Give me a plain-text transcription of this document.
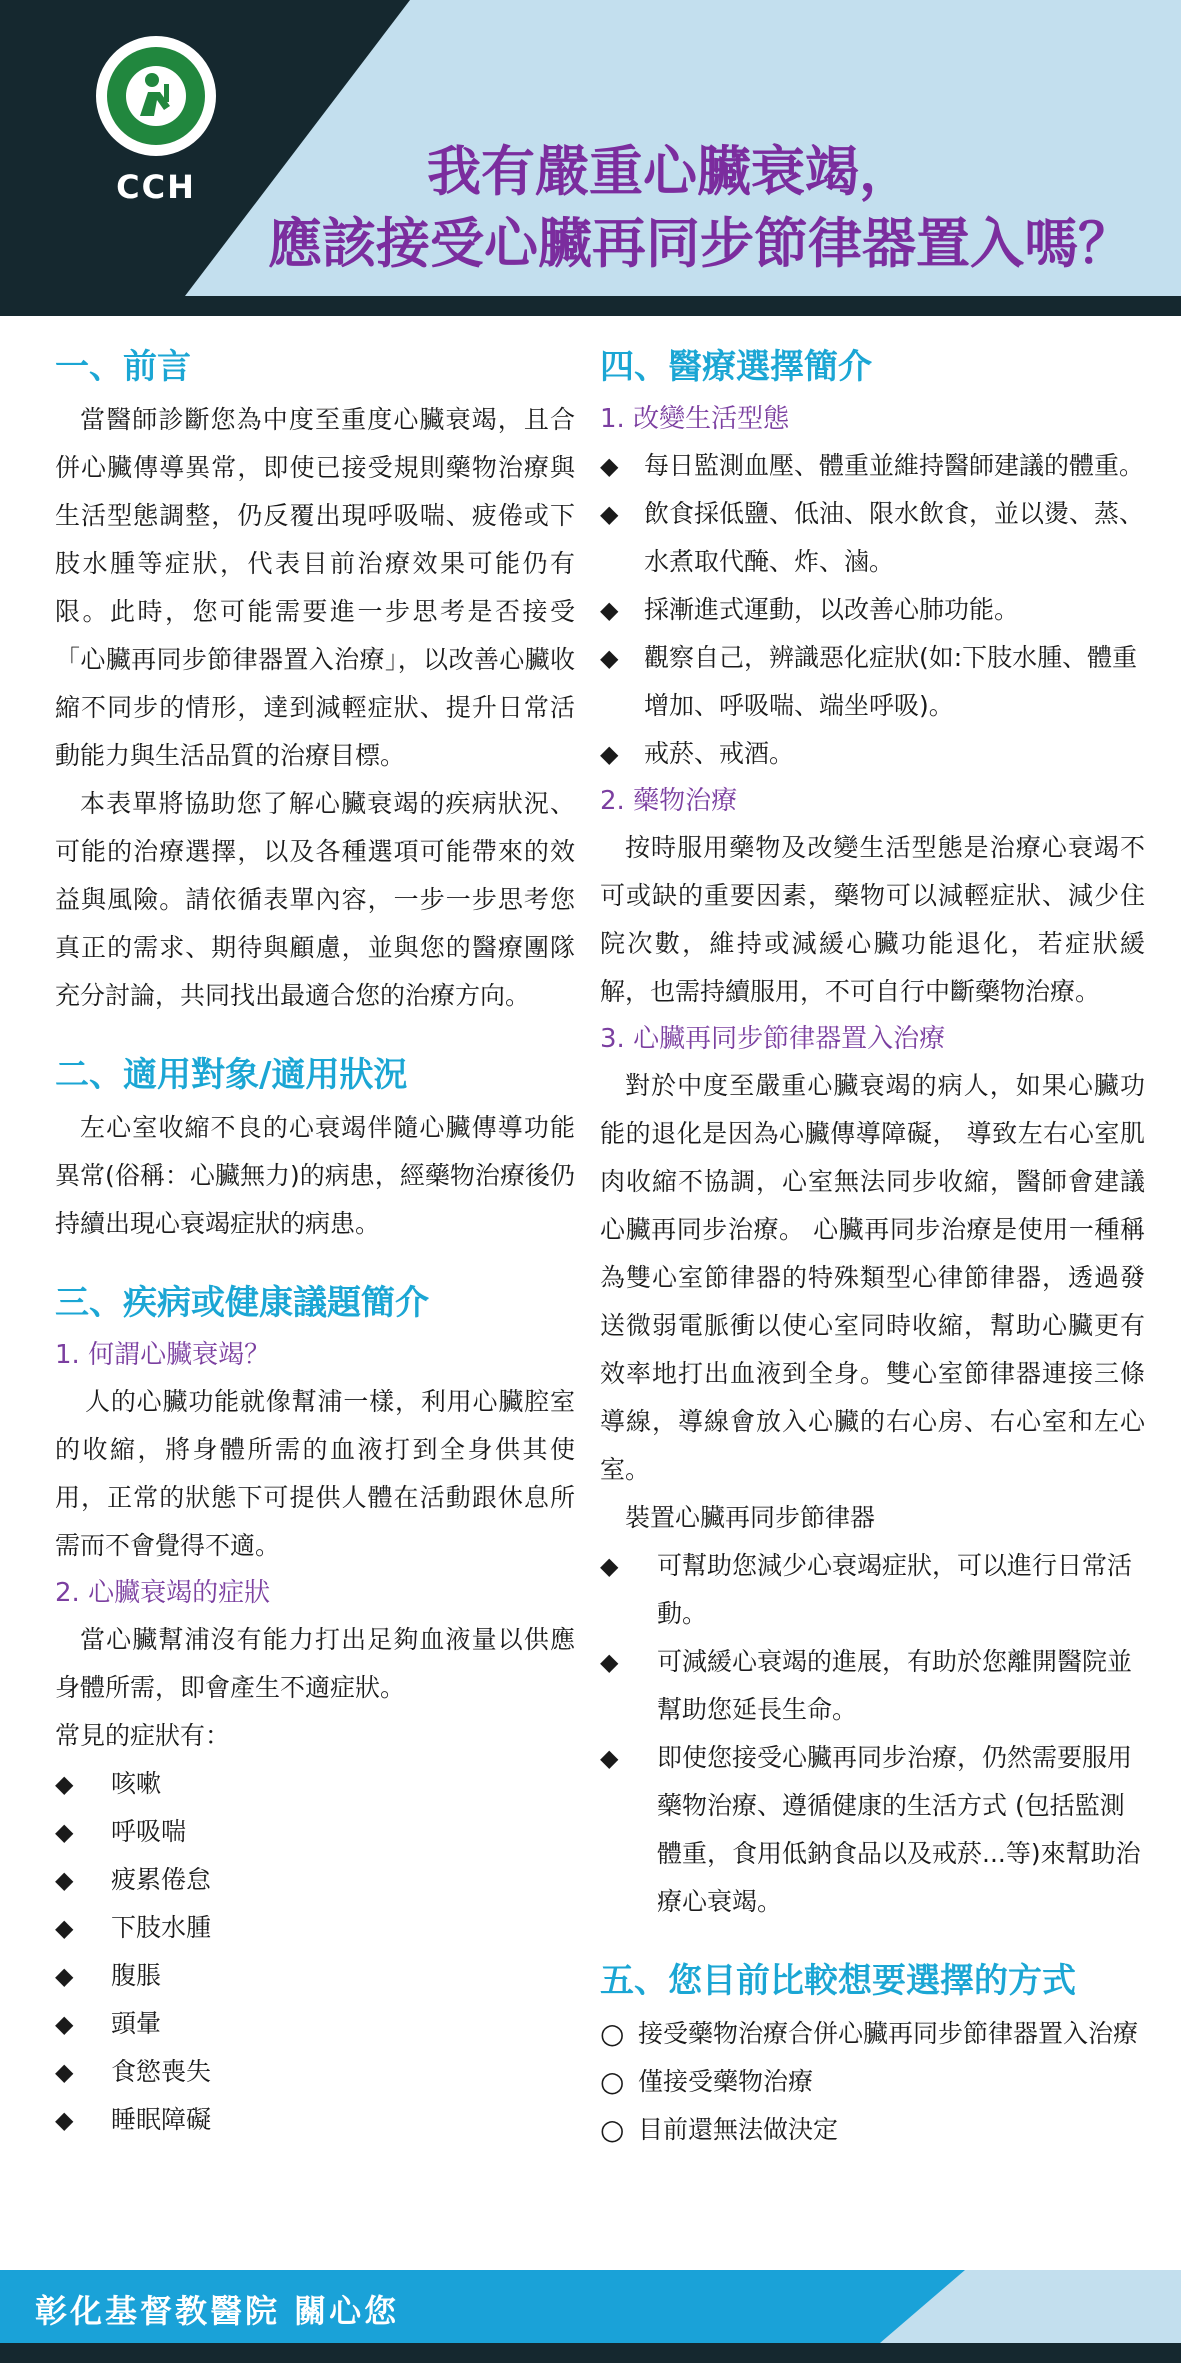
CCH	我有嚴重心臟衰竭，
應該接受心臟再同步節律器置入嗎？
一、前言

當醫師診斷您為中度至重度心臟衰竭，且合併心臟傳導異常，即使已接受規則藥物治療與生活型態調整，仍反覆出現呼吸喘、疲倦或下肢水腫等症狀，代表目前治療效果可能仍有限。此時，您可能需要進一步思考是否接受「心臟再同步節律器置入治療」，以改善心臟收縮不同步的情形，達到減輕症狀、提升日常活動能力與生活品質的治療目標。

本表單將協助您了解心臟衰竭的疾病狀況、可能的治療選擇，以及各種選項可能帶來的效益與風險。請依循表單內容，一步一步思考您真正的需求、期待與顧慮，並與您的醫療團隊充分討論，共同找出最適合您的治療方向。

二、適用對象/適用狀況

左心室收縮不良的心衰竭伴隨心臟傳導功能異常(俗稱：心臟無力)的病患，經藥物治療後仍持續出現心衰竭症狀的病患。

三、疾病或健康議題簡介
1. 何謂心臟衰竭？

人的心臟功能就像幫浦一樣，利用心臟腔室的收縮，將身體所需的血液打到全身供其使用，正常的狀態下可提供人體在活動跟休息所需而不會覺得不適。

2. 心臟衰竭的症狀

當心臟幫浦沒有能力打出足夠血液量以供應身體所需，即會產生不適症狀。

常見的症狀有：

◆ 咳嗽
◆ 呼吸喘
◆ 疲累倦怠
◆ 下肢水腫
◆ 腹脹
◆ 頭暈
◆ 食慾喪失
◆ 睡眠障礙
四、醫療選擇簡介
1. 改變生活型態
◆ 每日監測血壓、體重並維持醫師建議的體重。
◆ 飲食採低鹽、低油、限水飲食，並以燙、蒸、水煮取代醃、炸、滷。
◆ 採漸進式運動，以改善心肺功能。
◆ 觀察自己，辨識惡化症狀(如:下肢水腫、體重增加、呼吸喘、端坐呼吸)。
◆ 戒菸、戒酒。
2. 藥物治療

按時服用藥物及改變生活型態是治療心衰竭不可或缺的重要因素，藥物可以減輕症狀、減少住院次數，維持或減緩心臟功能退化，若症狀緩解，也需持續服用，不可自行中斷藥物治療。

3. 心臟再同步節律器置入治療

對於中度至嚴重心臟衰竭的病人，如果心臟功能的退化是因為心臟傳導障礙， 導致左右心室肌肉收縮不協調，心室無法同步收縮，醫師會建議心臟再同步治療。 心臟再同步治療是使用一種稱為雙心室節律器的特殊類型心律節律器，透過發送微弱電脈衝以使心室同時收縮，幫助心臟更有效率地打出血液到全身。雙心室節律器連接三條導線，導線會放入心臟的右心房、右心室和左心室。

裝置心臟再同步節律器

◆ 可幫助您減少心衰竭症狀，可以進行日常活動。
◆ 可減緩心衰竭的進展，有助於您離開醫院並幫助您延長生命。
◆ 即使您接受心臟再同步治療，仍然需要服用藥物治療、遵循健康的生活方式 (包括監測體重，食用低鈉食品以及戒菸...等)來幫助治療心衰竭。
五、您目前比較想要選擇的方式
○ 接受藥物治療合併心臟再同步節律器置入治療
○ 僅接受藥物治療
○ 目前還無法做決定
彰化基督教醫院 關心您
